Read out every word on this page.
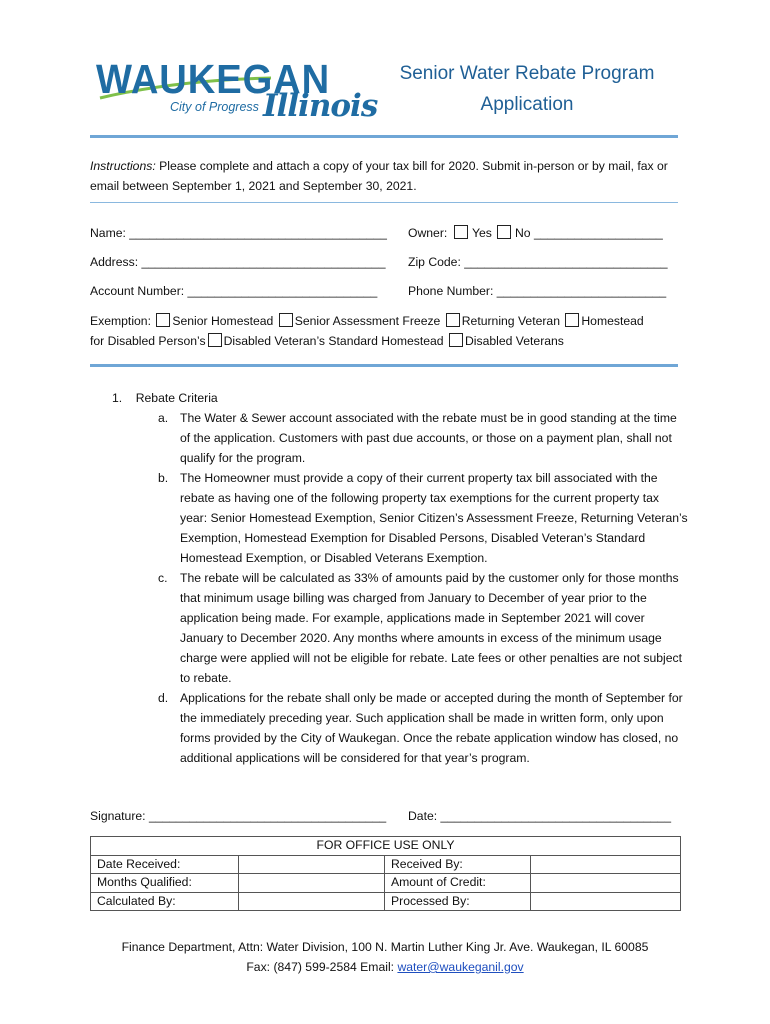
WAUKEGAN
City of Progress Illinois
Senior Water Rebate Program
Application
Instructions: Please complete and attach a copy of your tax bill for 2020. Submit in-person or by mail, fax or email between September 1, 2021 and September 30, 2021.
Name: ______________________________________ Owner: Yes No ___________________
Address: ____________________________________ Zip Code: ______________________________
Account Number: ____________________________	Phone Number: _________________________
Exemption: Senior Homestead Senior Assessment Freeze Returning Veteran Homestead
for Disabled Person’s Disabled Veteran’s Standard Homestead Disabled Veterans
1. Rebate Criteria
a. The Water & Sewer account associated with the rebate must be in good standing at the time of the application. Customers with past due accounts, or those on a payment plan, shall not qualify for the program.
b. The Homeowner must provide a copy of their current property tax bill associated with the rebate as having one of the following property tax exemptions for the current property tax year: Senior Homestead Exemption, Senior Citizen’s Assessment Freeze, Returning Veteran’s Exemption, Homestead Exemption for Disabled Persons, Disabled Veteran’s Standard Homestead Exemption, or Disabled Veterans Exemption.
c. The rebate will be calculated as 33% of amounts paid by the customer only for those months that minimum usage billing was charged from January to December of year prior to the application being made. For example, applications made in September 2021 will cover January to December 2020. Any months where amounts in excess of the minimum usage charge were applied will not be eligible for rebate. Late fees or other penalties are not subject to rebate.
d. Applications for the rebate shall only be made or accepted during the month of September for the immediately preceding year. Such application shall be made in written form, only upon forms provided by the City of Waukegan. Once the rebate application window has closed, no additional applications will be considered for that year’s program.
Signature: ___________________________________ Date: __________________________________
FOR OFFICE USE ONLY			
Date Received:		Received By:	
Months Qualified:		Amount of Credit:	
Calculated By:		Processed By:	
Finance Department, Attn: Water Division, 100 N. Martin Luther King Jr. Ave. Waukegan, IL 60085
Fax: (847) 599-2584 Email: water@waukeganil.gov
